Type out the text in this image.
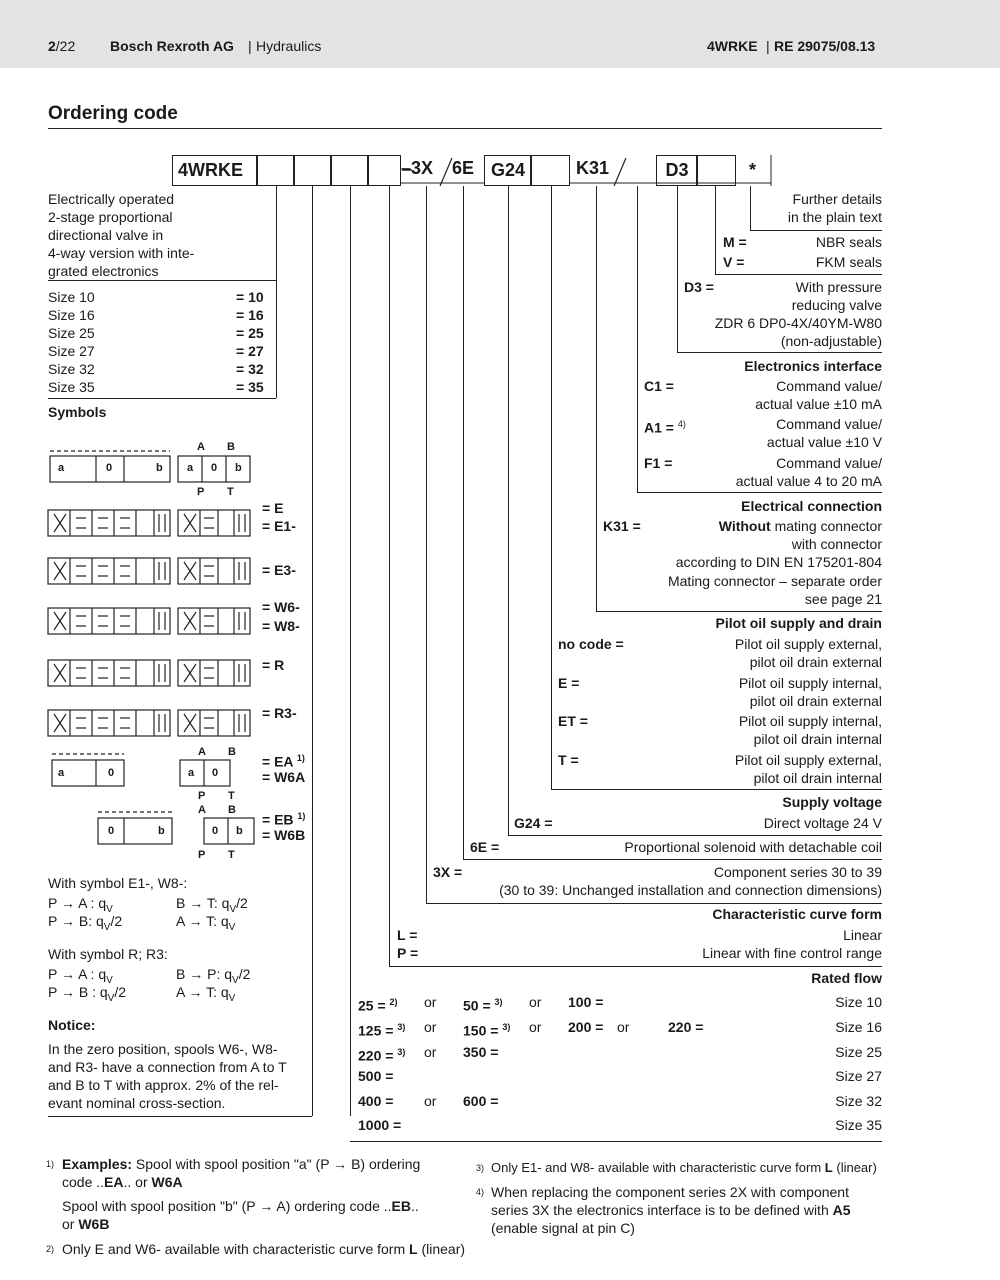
2/22 Bosch Rexroth AG | Hydraulics	4WRKE | RE 29075/08.13
Ordering code
4WRKE	–3X 6E G24	K31	D3	*
Electrically operated
2-stage proportional
directional valve in
4-way version with inte-
grated electronics
Size 10	= 10
Size 16	= 16
Size 25	= 25
Size 27	= 27
Size 32	= 32
Size 35	= 35
Symbols
a	0	b a 0 b
A B
P T
a	0	a 0
A B
P T
0	b	0 b
A B
P T
= E
= E1-
= E3-
= W6-
= W8-
= R
= R3-
= EA $^{1)}$
= W6A
= EB $^{1)}$
= W6B
With symbol E1-, W8-:
P → A : $q_V$	B → T: $q_V/2$
P → B: $q_V/2$	A → T: $q_V$
With symbol R; R3:
P → A : $q_V$	B → P: $q_V/2$
P → B : $q_V/2$	A → T: $q_V$
Notice:
In the zero position, spools W6-, W8-
and R3- have a connection from A to T
and B to T with approx. 2% of the rel-
evant nominal cross-section.
Further details
in the plain text
M =	NBR seals
V =	FKM seals
D3 =	With pressure
reducing valve
ZDR 6 DP0-4X/40YM-W80
(non-adjustable)
Electronics interface
C1 =	Command value/
actual value ±10 mA
A1 = $^{4)}$	Command value/
actual value ±10 V
F1 =	Command value/
actual value 4 to 20 mA
Electrical connection
K31 =	Without mating connector
with connector
according to DIN EN 175201-804
Mating connector – separate order
see page 21
Pilot oil supply and drain
no code =	Pilot oil supply external,
pilot oil drain external
E =	Pilot oil supply internal,
pilot oil drain external
ET =	Pilot oil supply internal,
pilot oil drain internal
T =	Pilot oil supply external,
pilot oil drain internal
Supply voltage
G24 =	Direct voltage 24 V
6E =	Proportional solenoid with detachable coil
3X =	Component series 30 to 39
(30 to 39: Unchanged installation and connection dimensions)
Characteristic curve form
L =	Linear
P =	Linear with fine control range
Rated flow
25 = $^{2)}$ or 50 = $^{3)}$ or 100 =	Size 10
125 = $^{3)}$ or 150 = $^{3)}$ or 200 = or	220 =	Size 16
220 = $^{3)}$ or 350 =	Size 25
500 =	Size 27
400 = or 600 =	Size 32
1000 =	Size 35
1) Examples: Spool with spool position "a" (P → B) ordering
code ..EA.. or W6A
Spool with spool position "b" (P → A) ordering code ..EB..
or W6B
2) Only E and W6- available with characteristic curve form L (linear)
3) Only E1- and W8- available with characteristic curve form L (linear)
4) When replacing the component series 2X with component
series 3X the electronics interface is to be defined with A5
(enable signal at pin C)
